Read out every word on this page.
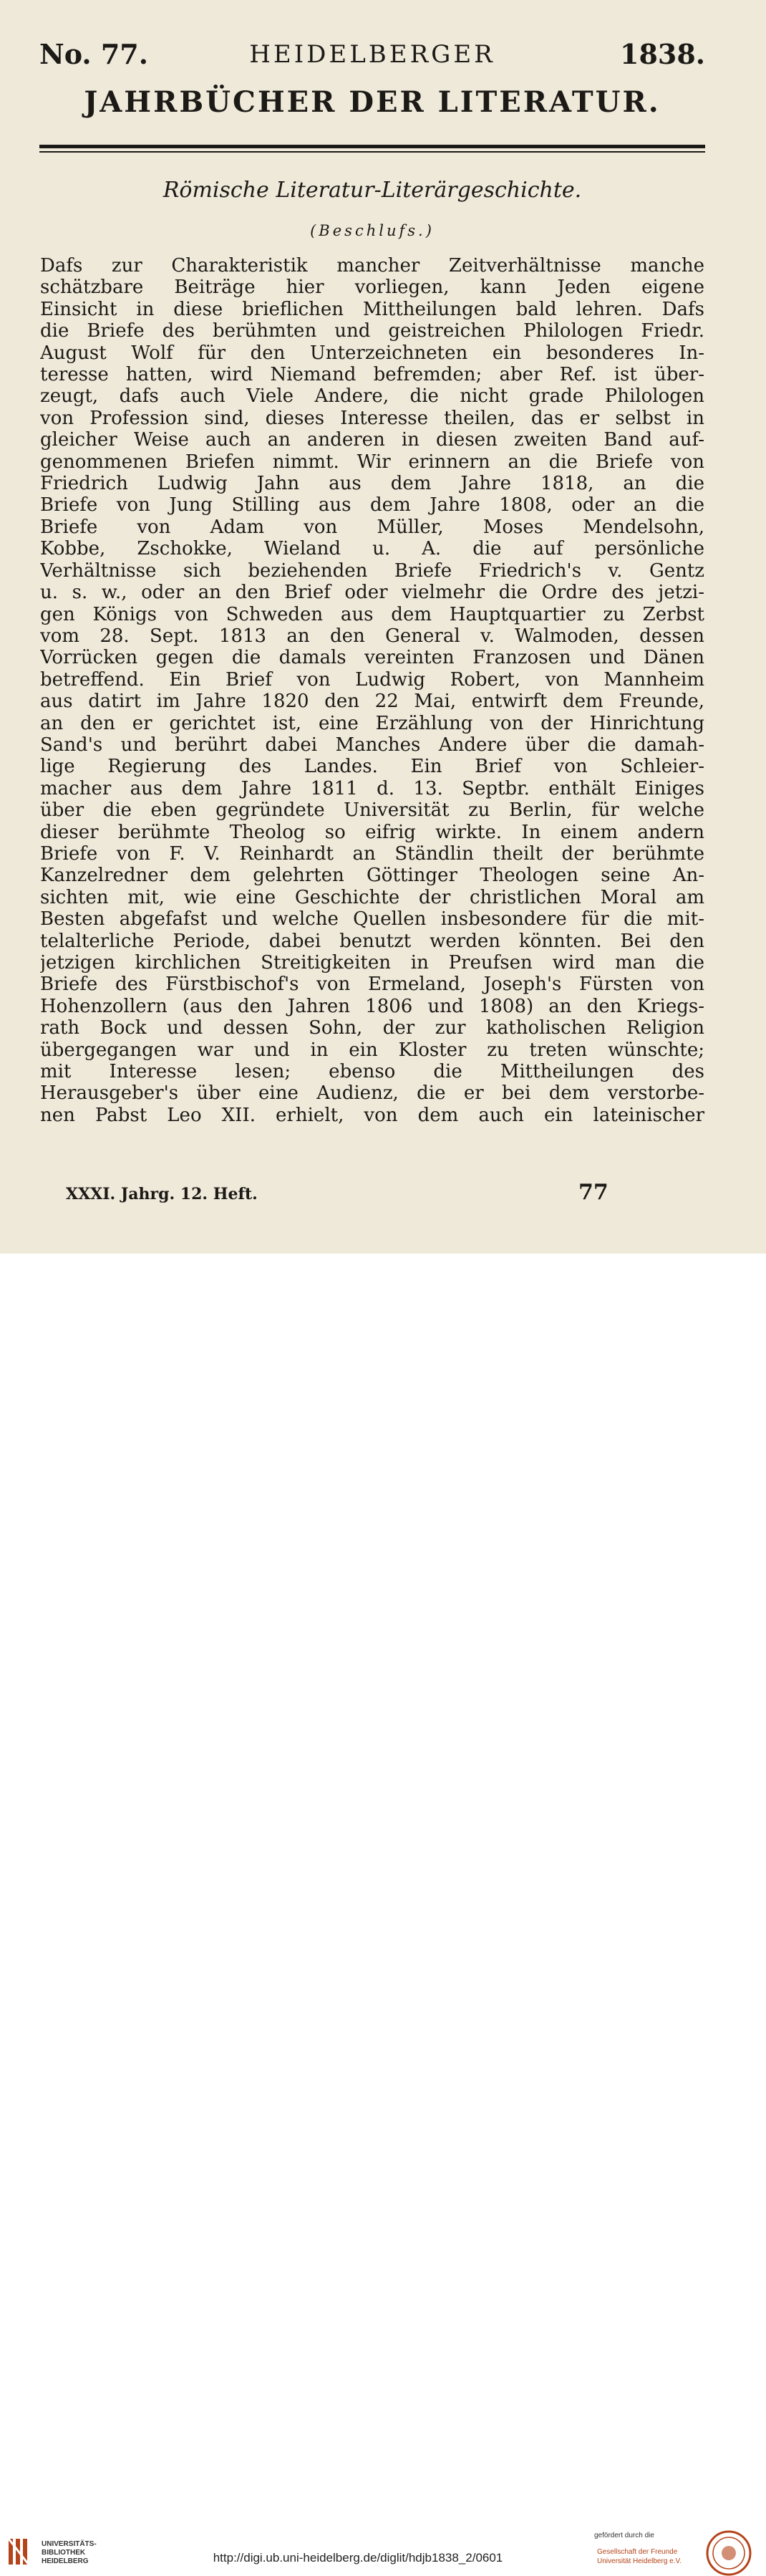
No. 77.	HEIDELBERGER	1838.
JAHRBÜCHER DER LITERATUR.
Römische Literatur-Literärgeschichte.
(Beschlufs.)
Dafs zur Charakteristik mancher Zeitverhältnisse manche
schätzbare Beiträge hier vorliegen, kann Jeden eigene
Einsicht in diese brieflichen Mittheilungen bald lehren. Dafs
die Briefe des berühmten und geistreichen Philologen Friedr.
August Wolf für den Unterzeichneten ein besonderes In-
teresse hatten, wird Niemand befremden; aber Ref. ist über-
zeugt, dafs auch Viele Andere, die nicht grade Philologen
von Profession sind, dieses Interesse theilen, das er selbst in
gleicher Weise auch an anderen in diesen zweiten Band auf-
genommenen Briefen nimmt. Wir erinnern an die Briefe von
Friedrich Ludwig Jahn aus dem Jahre 1818, an die
Briefe von Jung Stilling aus dem Jahre 1808, oder an die
Briefe von Adam von Müller, Moses Mendelsohn,
Kobbe, Zschokke, Wieland u. A. die auf persönliche
Verhältnisse sich beziehenden Briefe Friedrich's v. Gentz
u. s. w., oder an den Brief oder vielmehr die Ordre des jetzi-
gen Königs von Schweden aus dem Hauptquartier zu Zerbst
vom 28. Sept. 1813 an den General v. Walmoden, dessen
Vorrücken gegen die damals vereinten Franzosen und Dänen
betreffend. Ein Brief von Ludwig Robert, von Mannheim
aus datirt im Jahre 1820 den 22 Mai, entwirft dem Freunde,
an den er gerichtet ist, eine Erzählung von der Hinrichtung
Sand's und berührt dabei Manches Andere über die damah-
lige Regierung des Landes. Ein Brief von Schleier-
macher aus dem Jahre 1811 d. 13. Septbr. enthält Einiges
über die eben gegründete Universität zu Berlin, für welche
dieser berühmte Theolog so eifrig wirkte. In einem andern
Briefe von F. V. Reinhardt an Ständlin theilt der berühmte
Kanzelredner dem gelehrten Göttinger Theologen seine An-
sichten mit, wie eine Geschichte der christlichen Moral am
Besten abgefafst und welche Quellen insbesondere für die mit-
telalterliche Periode, dabei benutzt werden könnten. Bei den
jetzigen kirchlichen Streitigkeiten in Preufsen wird man die
Briefe des Fürstbischof's von Ermeland, Joseph's Fürsten von
Hohenzollern (aus den Jahren 1806 und 1808) an den Kriegs-
rath Bock und dessen Sohn, der zur katholischen Religion
übergegangen war und in ein Kloster zu treten wünschte;
mit Interesse lesen; ebenso die Mittheilungen des
Herausgeber's über eine Audienz, die er bei dem verstorbe-
nen Pabst Leo XII. erhielt, von dem auch ein lateinischer
XXXI. Jahrg. 12. Heft.	77
UNIVERSITÄTS-
BIBLIOTHEK
HEIDELBERG	http://digi.ub.uni-heidelberg.de/diglit/hdjb1838_2/0601
gefördert durch die
Gesellschaft der Freunde
Universität Heidelberg e.V.
